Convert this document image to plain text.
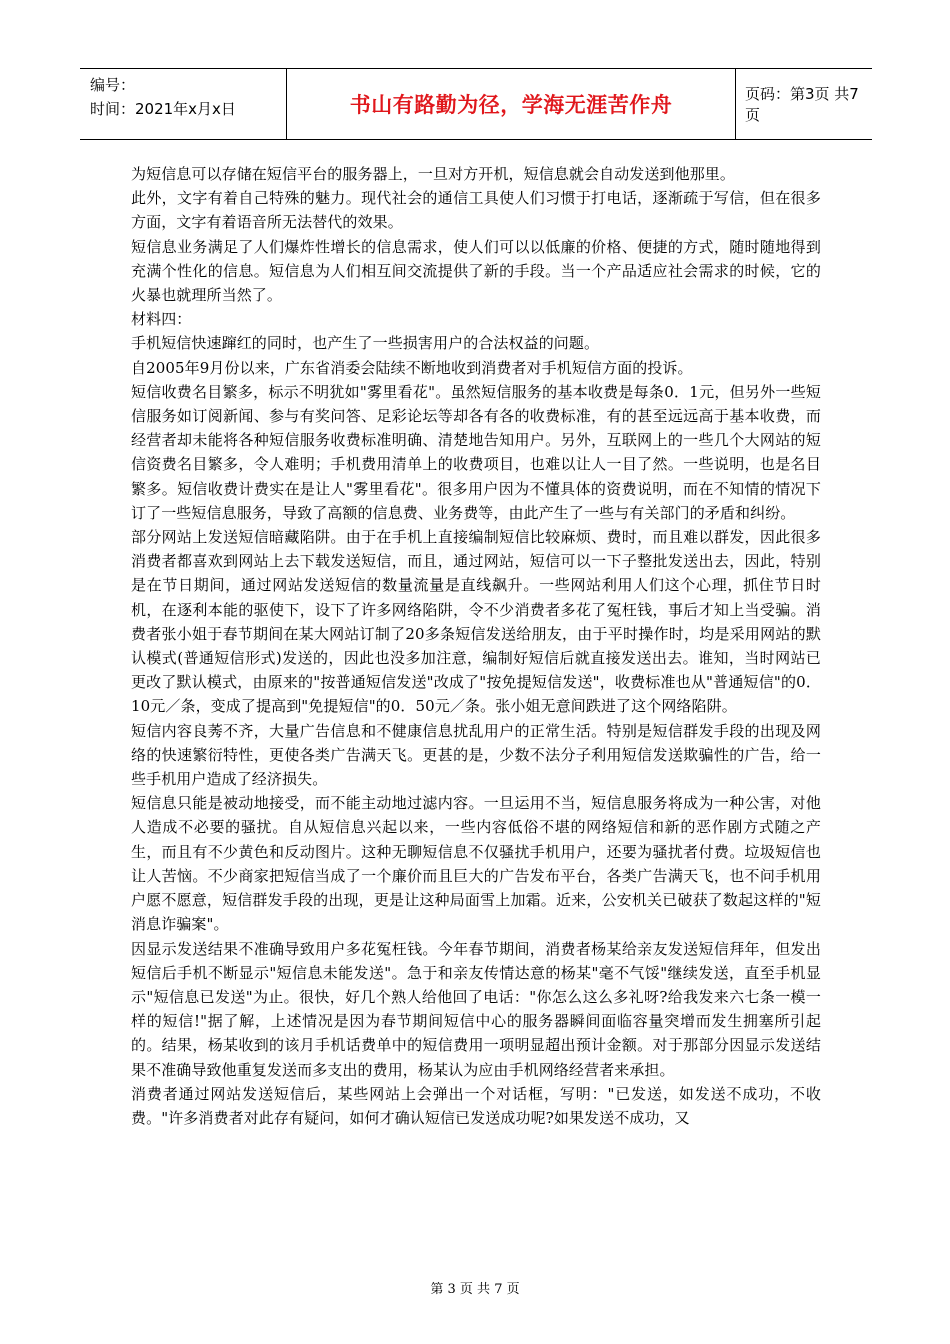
编号：
时间：2021年x月x日	书山有路勤为径，学海无涯苦作舟	页码：第3页 共7页

为短信息可以存储在短信平台的服务器上，一旦对方开机，短信息就会自动发送到他那里。

此外，文字有着自己特殊的魅力。现代社会的通信工具使人们习惯于打电话，逐渐疏于写信，但在很多方面，文字有着语音所无法替代的效果。

短信息业务满足了人们爆炸性增长的信息需求，使人们可以以低廉的价格、便捷的方式，随时随地得到充满个性化的信息。短信息为人们相互间交流提供了新的手段。当一个产品适应社会需求的时候，它的火暴也就理所当然了。

材料四：

手机短信快速蹿红的同时，也产生了一些损害用户的合法权益的问题。

自2005年9月份以来，广东省消委会陆续不断地收到消费者对手机短信方面的投诉。

短信收费名目繁多，标示不明犹如"雾里看花"。虽然短信服务的基本收费是每条0．1元，但另外一些短信服务如订阅新闻、参与有奖问答、足彩论坛等却各有各的收费标准，有的甚至远远高于基本收费，而经营者却未能将各种短信服务收费标准明确、清楚地告知用户。另外，互联网上的一些几个大网站的短信资费名目繁多，令人难明；手机费用清单上的收费项目，也难以让人一目了然。一些说明，也是名目繁多。短信收费计费实在是让人"雾里看花"。很多用户因为不懂具体的资费说明，而在不知情的情况下订了一些短信息服务，导致了高额的信息费、业务费等，由此产生了一些与有关部门的矛盾和纠纷。

部分网站上发送短信暗藏陷阱。由于在手机上直接编制短信比较麻烦、费时，而且难以群发，因此很多消费者都喜欢到网站上去下载发送短信，而且，通过网站，短信可以一下子整批发送出去，因此，特别是在节日期间，通过网站发送短信的数量流量是直线飙升。一些网站利用人们这个心理，抓住节日时机，在逐利本能的驱使下，设下了许多网络陷阱，令不少消费者多花了冤枉钱，事后才知上当受骗。消费者张小姐于春节期间在某大网站订制了20多条短信发送给朋友，由于平时操作时，均是采用网站的默认模式(普通短信形式)发送的，因此也没多加注意，编制好短信后就直接发送出去。谁知，当时网站已更改了默认模式，由原来的"按普通短信发送"改成了"按免提短信发送"，收费标准也从"普通短信"的0．10元／条，变成了提高到"免提短信"的0．50元／条。张小姐无意间跌进了这个网络陷阱。

短信内容良莠不齐，大量广告信息和不健康信息扰乱用户的正常生活。特别是短信群发手段的出现及网络的快速繁衍特性，更使各类广告满天飞。更甚的是，少数不法分子利用短信发送欺骗性的广告，给一些手机用户造成了经济损失。

短信息只能是被动地接受，而不能主动地过滤内容。一旦运用不当，短信息服务将成为一种公害，对他人造成不必要的骚扰。自从短信息兴起以来，一些内容低俗不堪的网络短信和新的恶作剧方式随之产生，而且有不少黄色和反动图片。这种无聊短信息不仅骚扰手机用户，还要为骚扰者付费。垃圾短信也让人苦恼。不少商家把短信当成了一个廉价而且巨大的广告发布平台，各类广告满天飞，也不问手机用户愿不愿意，短信群发手段的出现，更是让这种局面雪上加霜。近来，公安机关已破获了数起这样的"短消息诈骗案"。

因显示发送结果不准确导致用户多花冤枉钱。今年春节期间，消费者杨某给亲友发送短信拜年，但发出短信后手机不断显示"短信息未能发送"。急于和亲友传情达意的杨某"毫不气馁"继续发送，直至手机显示"短信息已发送"为止。很快，好几个熟人给他回了电话："你怎么这么多礼呀?给我发来六七条一模一样的短信!"据了解，上述情况是因为春节期间短信中心的服务器瞬间面临容量突增而发生拥塞所引起的。结果，杨某收到的该月手机话费单中的短信费用一项明显超出预计金额。对于那部分因显示发送结果不准确导致他重复发送而多支出的费用，杨某认为应由手机网络经营者来承担。

消费者通过网站发送短信后，某些网站上会弹出一个对话框，写明："已发送，如发送不成功，不收费。"许多消费者对此存有疑问，如何才确认短信已发送成功呢?如果发送不成功，又

第 3 页 共 7 页
